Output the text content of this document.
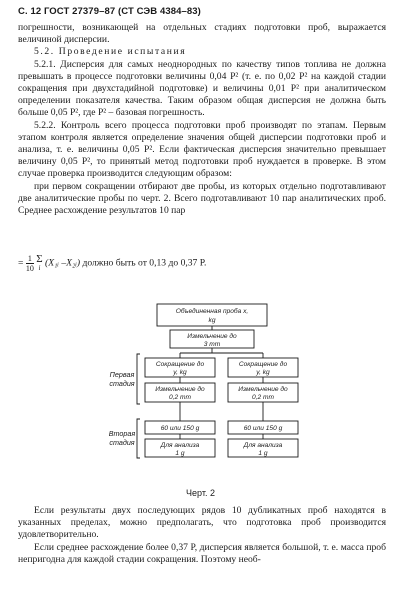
С. 12 ГОСТ 27379–87 (СТ СЭВ 4384–83)

погрешности, возникающей на отдельных стадиях подготовки проб, выражается величиной дисперсии.

5.2. Проведение испытания

5.2.1. Дисперсия для самых неоднородных по качеству типов топлива не должна превышать в процессе подготовки величины 0,04 P² (т. е. по 0,02 P² на каждой стадии сокращения при двухстадийной подготовке) и величины 0,01 P² при аналитическом определении показателя качества. Таким образом общая дисперсия не должна быть больше 0,05 P², где P² – базовая погрешность.

5.2.2. Контроль всего процесса подготовки проб производят по этапам. Первым этапом контроля является определение значения общей дисперсии подготовки проб и анализа, т. е. величины 0,05 P². Если фактическая дисперсия значительно превышает величину 0,05 P², то принятый метод подготовки проб нуждается в проверке. В этом случае проверка производится следующим образом:

при первом сокращении отбирают две пробы, из которых отдельно подготавливают две аналитические пробы по черт. 2. Всего подготавливают 10 пар аналитических проб. Среднее расхождение результатов 10 пар

= $\frac{1}{10}$
Σ
i (X₁ᵢ –X₂ᵢ) должно быть от 0,13 до 0,37 P.
Объединенная проба x,
kg
Измельчение до
3 mm
Сокращение до
y, kg
Измельчение до
0,2 mm
60 или 150 g
Для анализа
1 g
Сокращение до
y, kg
Измельчение до
0,2 mm
60 или 150 g
Для анализа
1 g
Первая
стадия
Вторая
стадия
Черт. 2

Если результаты двух последующих рядов 10 дубликатных проб находятся в указанных пределах, можно предполагать, что подготовка проб производится удовлетворительно.

Если среднее расхождение более 0,37 P, дисперсия является большой, т. е. масса проб непригодна для каждой стадии сокращения. Поэтому необ-
